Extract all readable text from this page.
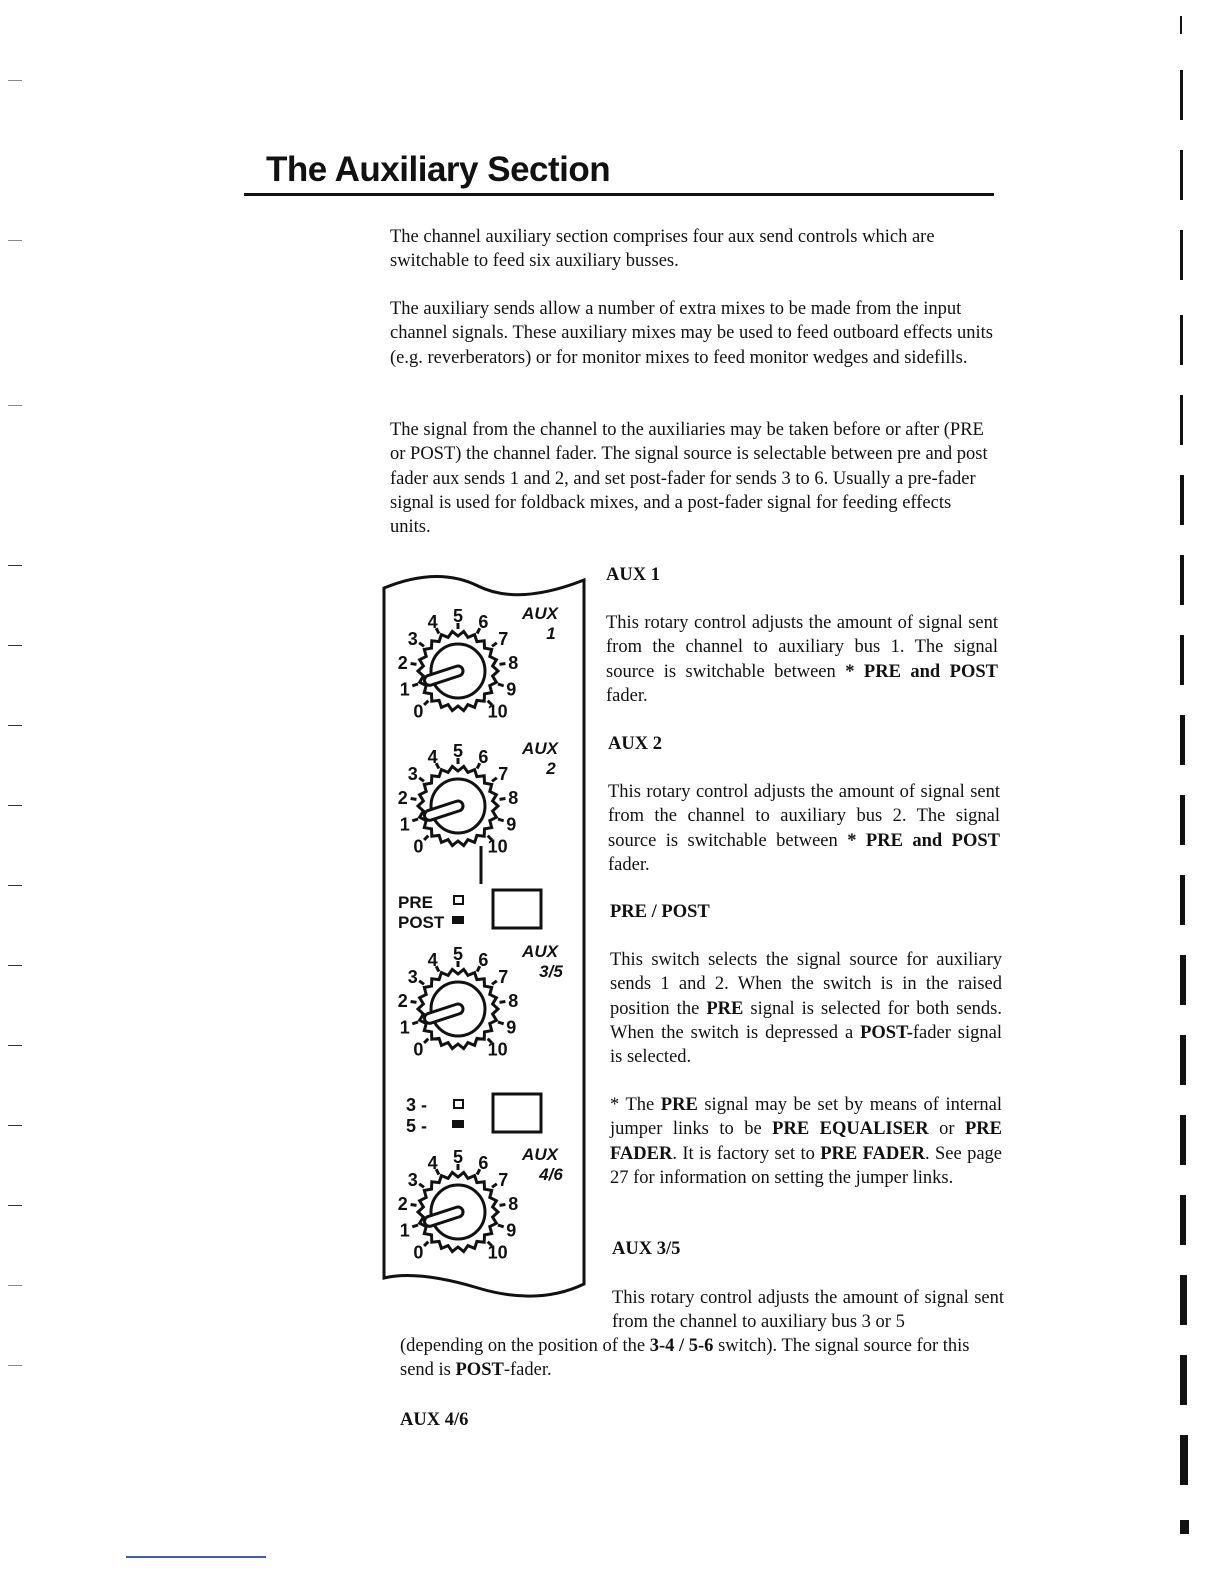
The Auxiliary Section

The channel auxiliary section comprises four aux send controls which are switchable to feed six auxiliary busses.

The auxiliary sends allow a number of extra mixes to be made from the input channel signals. These auxiliary mixes may be used to feed outboard effects units (e.g. reverberators) or for monitor mixes to feed monitor wedges and sidefills.

The signal from the channel to the auxiliaries may be taken before or after (PRE or POST) the channel fader. The signal source is selectable between pre and post fader aux sends 1 and 2, and set post-fader for sends 3 to 6. Usually a pre-fader signal is used for foldback mixes, and a post-fader signal for feeding effects units.

AUX 1

This rotary control adjusts the amount of signal sent from the channel to auxiliary bus 1. The signal source is switchable between * PRE and POST fader.

AUX 2

This rotary control adjusts the amount of signal sent from the channel to auxiliary bus 2. The signal source is switchable between * PRE and POST fader.

PRE / POST

This switch selects the signal source for auxiliary sends 1 and 2. When the switch is in the raised position the PRE signal is selected for both sends. When the switch is depressed a POST-fader signal is selected.

* The PRE signal may be set by means of internal jumper links to be PRE EQUALISER or PRE FADER. It is factory set to PRE FADER. See page 27 for information on setting the jumper links.

AUX 3/5

This rotary control adjusts the amount of signal sent from the channel to auxiliary bus 3 or 5

(depending on the position of the 3-4 / 5-6 switch). The signal source for this send is POST-fader.

AUX 4/6
0
1
2
3
4 5 6
7
8
9
10
AUX
1
0
1
2
3
4 5 6
7
8
9
10
AUX
2
0
1
2
3
4 5 6
7
8
9
10
AUX
3/5
0
1
2
3
4 5 6
7
8
9
10
AUX
4/6
PRE
POST
3 -
5 -
